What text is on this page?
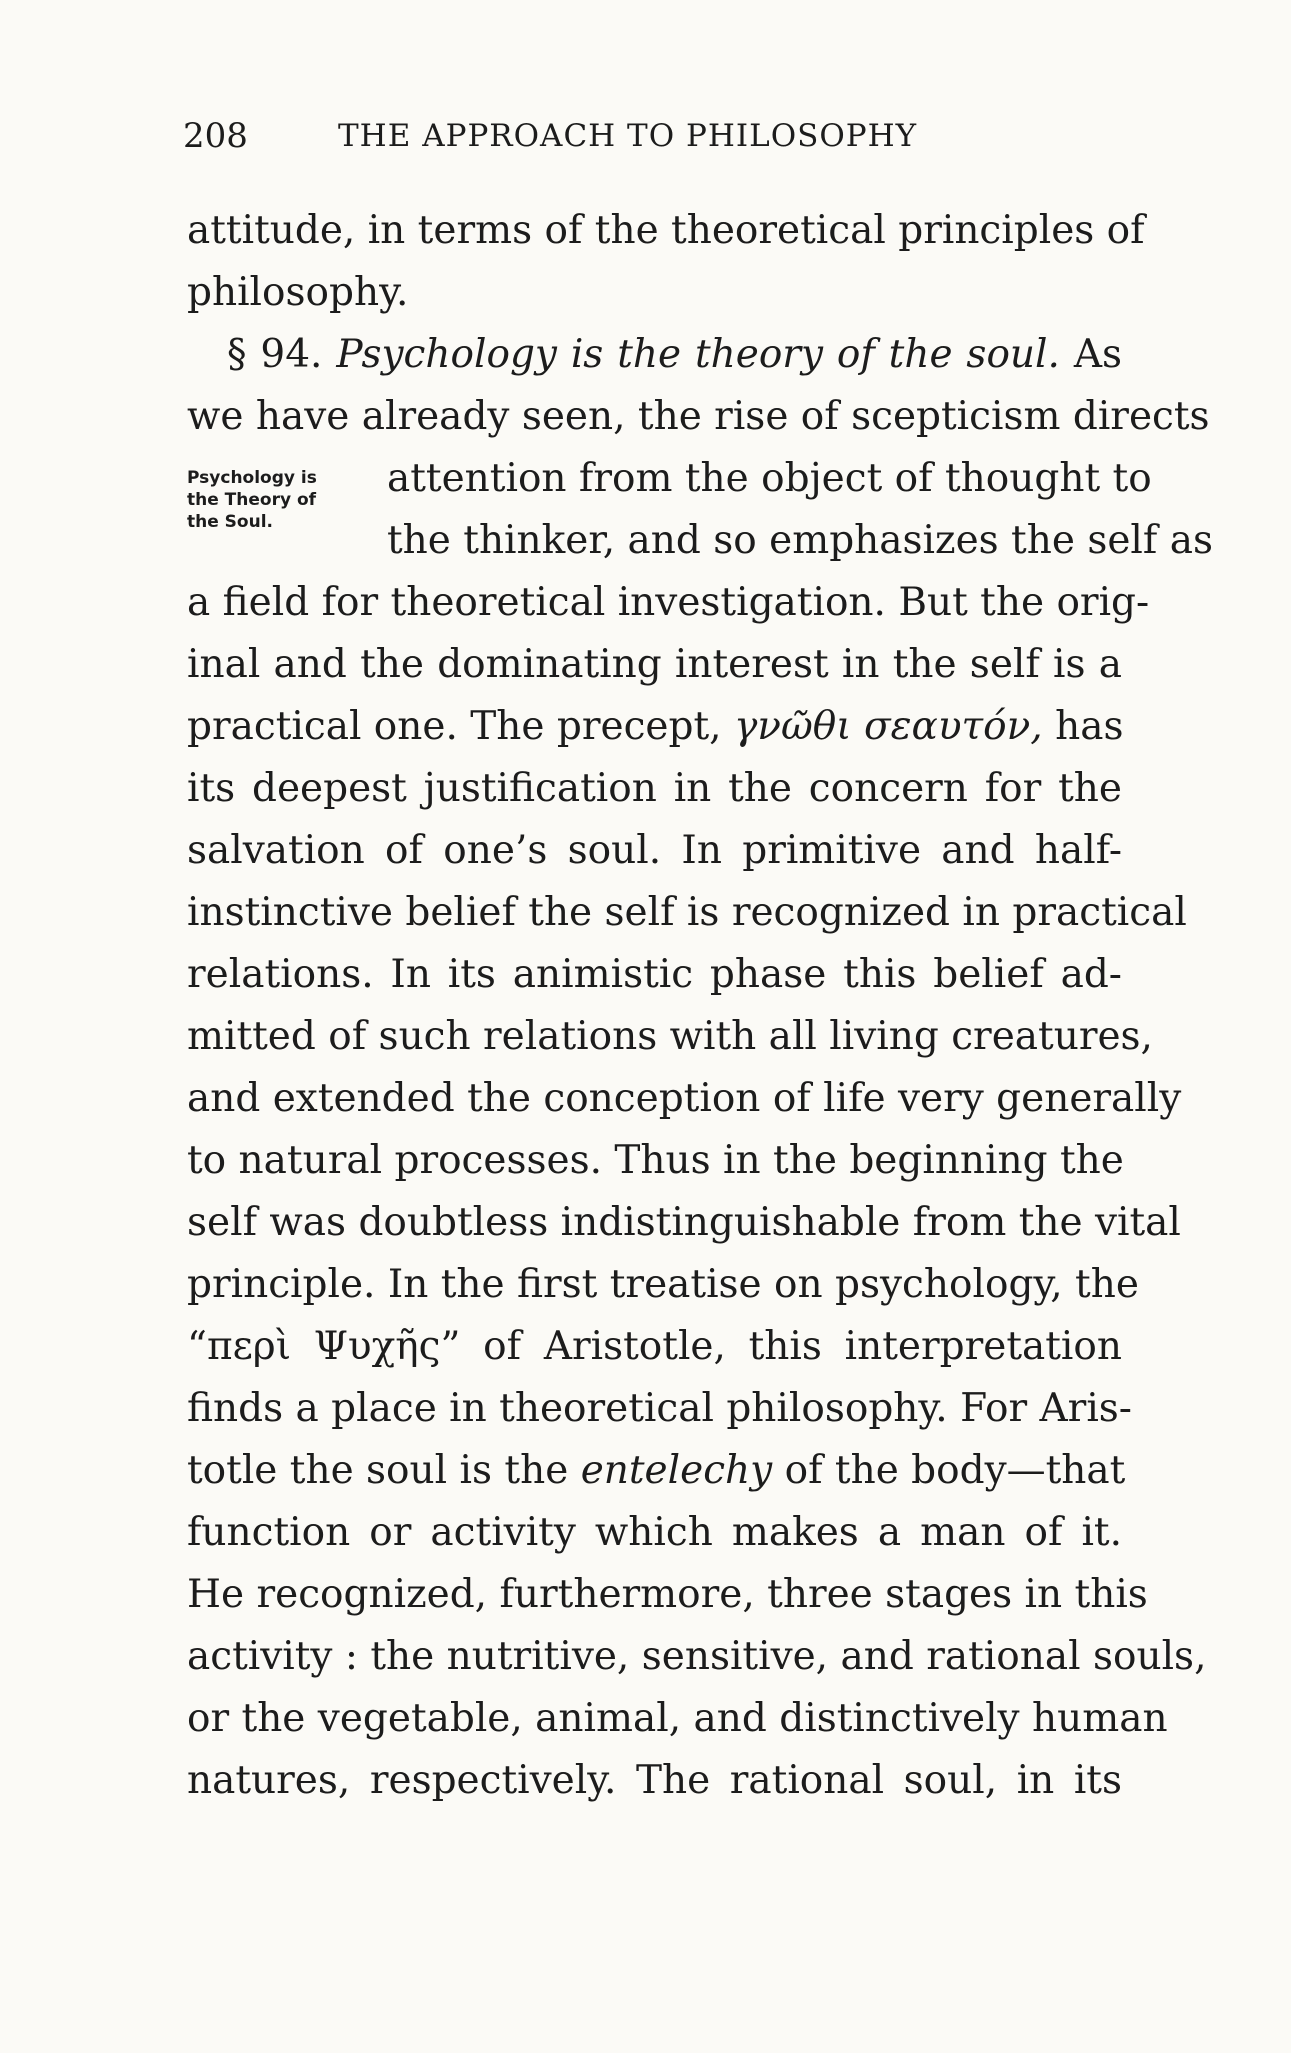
208	THE APPROACH TO PHILOSOPHY
Psychology is
the Theory of
the Soul.
attitude, in terms of the theoretical principles of
philosophy.
§ 94. Psychology is the theory of the soul. As
we have already seen, the rise of scepticism directs
attention from the object of thought to
the thinker, and so emphasizes the self as
a field for theoretical investigation. But the orig-
inal and the dominating interest in the self is a
practical one. The precept, γνῶθι σεαυτόν, has
its deepest justification in the concern for the
salvation of one’s soul. In primitive and half-
instinctive belief the self is recognized in practical
relations. In its animistic phase this belief ad-
mitted of such relations with all living creatures,
and extended the conception of life very generally
to natural processes. Thus in the beginning the
self was doubtless indistinguishable from the vital
principle. In the first treatise on psychology, the
“περὶ Ψυχῆς” of Aristotle, this interpretation
finds a place in theoretical philosophy. For Aris-
totle the soul is the entelechy of the body—that
function or activity which makes a man of it.
He recognized, furthermore, three stages in this
activity : the nutritive, sensitive, and rational souls,
or the vegetable, animal, and distinctively human
natures, respectively. The rational soul, in its
